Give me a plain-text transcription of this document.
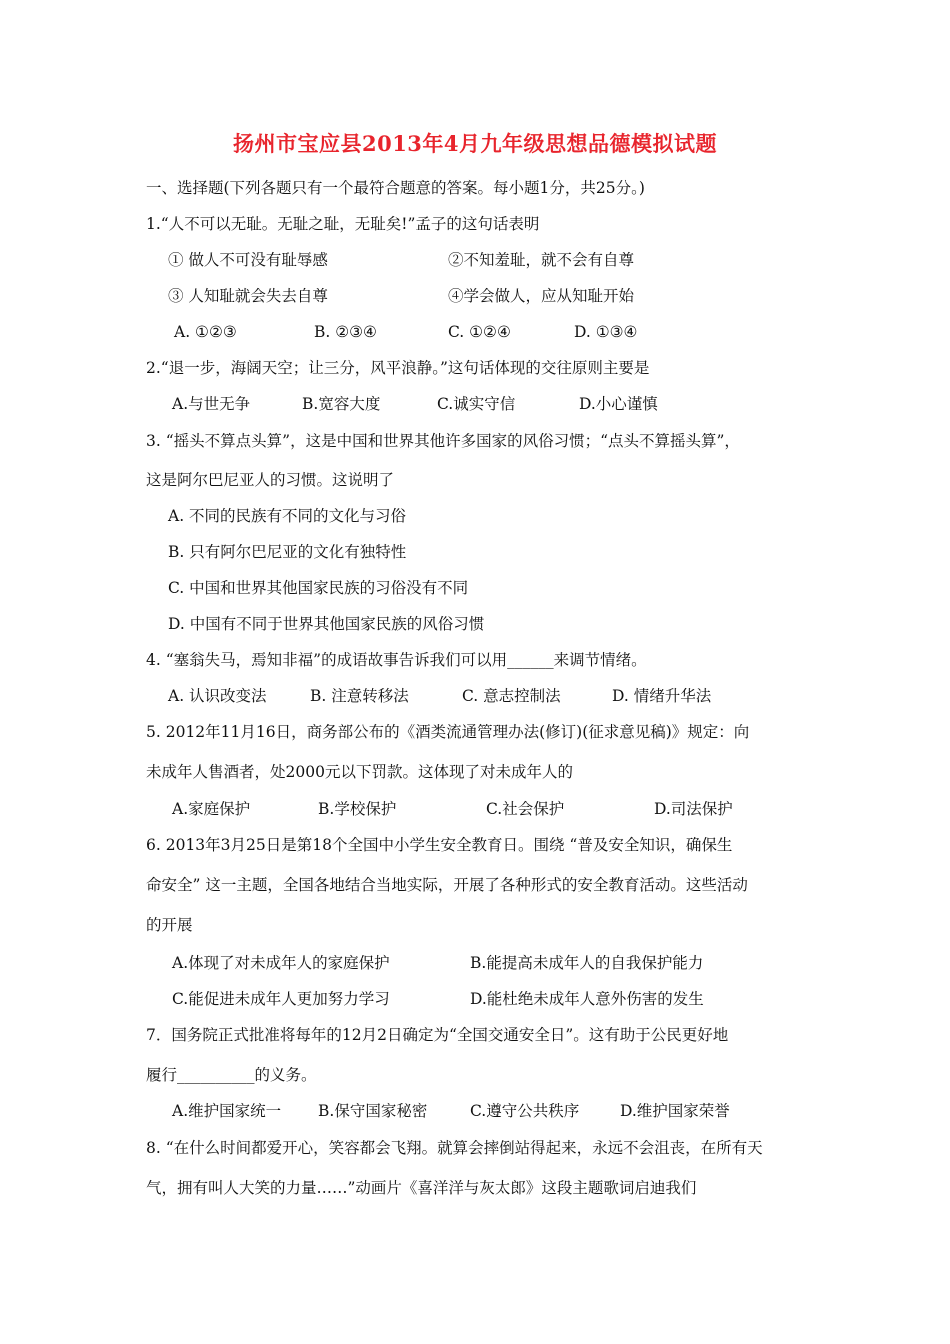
扬州市宝应县2013年4月九年级思想品德模拟试题
一、选择题(下列各题只有一个最符合题意的答案。每小题1分，共25分。)
1.“人不可以无耻。无耻之耻，无耻矣!”孟子的这句话表明
① 做人不可没有耻辱感	②不知羞耻，就不会有自尊
③ 人知耻就会失去自尊	④学会做人，应从知耻开始
A. ①②③	B. ②③④	C. ①②④	D. ①③④
2.“退一步，海阔天空；让三分，风平浪静。”这句话体现的交往原则主要是
A.与世无争	B.宽容大度	C.诚实守信	D.小心谨慎
3. “摇头不算点头算”，这是中国和世界其他许多国家的风俗习惯；“点头不算摇头算”，
这是阿尔巴尼亚人的习惯。这说明了
A. 不同的民族有不同的文化与习俗
B. 只有阿尔巴尼亚的文化有独特性
C. 中国和世界其他国家民族的习俗没有不同
D. 中国有不同于世界其他国家民族的风俗习惯
4. “塞翁失马，焉知非福”的成语故事告诉我们可以用______来调节情绪。
A. 认识改变法	B. 注意转移法	C. 意志控制法	D. 情绪升华法
5. 2012年11月16日，商务部公布的《酒类流通管理办法(修订)(征求意见稿)》规定：向
未成年人售酒者，处2000元以下罚款。这体现了对未成年人的
A.家庭保护	B.学校保护	C.社会保护	D.司法保护
6. 2013年3月25日是第18个全国中小学生安全教育日。围绕 “普及安全知识，确保生
命安全” 这一主题，全国各地结合当地实际，开展了各种形式的安全教育活动。这些活动
的开展
A.体现了对未成年人的家庭保护	B.能提高未成年人的自我保护能力
C.能促进未成年人更加努力学习	D.能杜绝未成年人意外伤害的发生
7．国务院正式批准将每年的12月2日确定为“全国交通安全日”。这有助于公民更好地
履行__________的义务。
A.维护国家统一 B.保守国家秘密	C.遵守公共秩序	D.维护国家荣誉
8. “在什么时间都爱开心，笑容都会飞翔。就算会摔倒站得起来，永远不会沮丧，在所有天
气，拥有叫人大笑的力量……”动画片《喜洋洋与灰太郎》这段主题歌词启迪我们
